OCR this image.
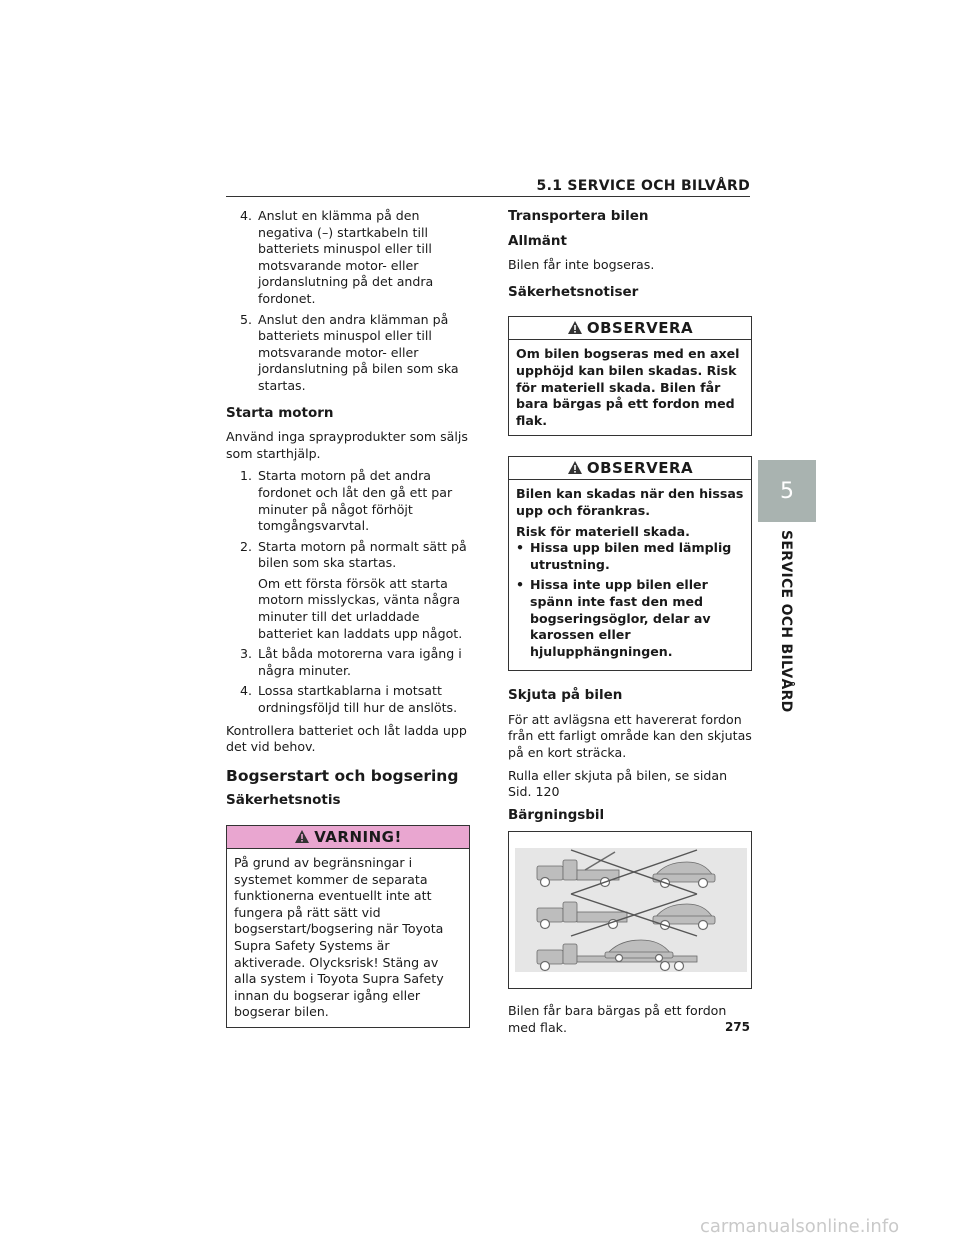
5.1 SERVICE OCH BILVÅRD
4. Anslut en klämma på den negativa (–) startkabeln till batteriets minuspol eller till motsvarande motor- eller jordanslutning på det andra fordonet.
5. Anslut den andra klämman på batteriets minuspol eller till motsvarande motor- eller jordanslutning på bilen som ska startas.
Starta motorn

Använd inga sprayprodukter som säljs som starthjälp.

1. Starta motorn på det andra fordonet och låt den gå ett par minuter på något förhöjt tomgångsvarvtal.
2. Starta motorn på normalt sätt på bilen som ska startas.
Om ett första försök att starta motorn misslyckas, vänta några minuter till det urladdade batteriet kan laddats upp något.
3. Låt båda motorerna vara igång i några minuter.
4. Lossa startkablarna i motsatt ordningsföljd till hur de anslöts.

Kontrollera batteriet och låt ladda upp det vid behov.

Bogserstart och bogsering
Säkerhetsnotis
VARNING!
På grund av begränsningar i systemet kommer de separata funktionerna eventuellt inte att fungera på rätt sätt vid bogserstart/bogsering när Toyota Supra Safety Systems är aktiverade. Olycksrisk! Stäng av alla system i Toyota Supra Safety innan du bogserar igång eller bogserar bilen.
Transportera bilen
Allmänt

Bilen får inte bogseras.

Säkerhetsnotiser
OBSERVERA
Om bilen bogseras med en axel upphöjd kan bilen skadas. Risk för materiell skada. Bilen får bara bärgas på ett fordon med flak.
OBSERVERA

Bilen kan skadas när den hissas upp och förankras.

Risk för materiell skada.

• Hissa upp bilen med lämplig utrustning.
• Hissa inte upp bilen eller spänn inte fast den med bogseringsöglor, delar av karossen eller hjulupphängningen.
Skjuta på bilen

För att avlägsna ett havererat fordon från ett farligt område kan den skjutas på en kort sträcka.

Rulla eller skjuta på bilen, se sidan
Sid. 120

Bärgningsbil

Bilen får bara bärgas på ett fordon med flak.

5
SERVICE OCH BILVÅRD
275
carmanualsonline.info
